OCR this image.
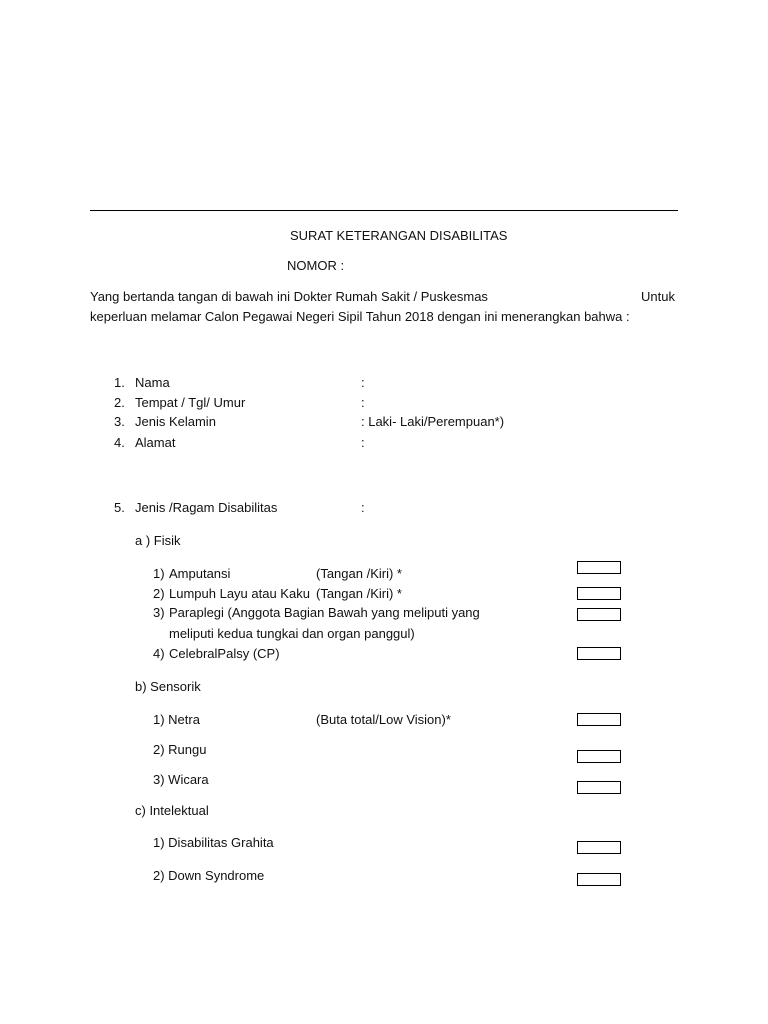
SURAT KETERANGAN DISABILITAS
NOMOR :
Yang bertanda tangan di bawah ini Dokter Rumah Sakit / Puskesmas	Untuk
keperluan melamar Calon Pegawai Negeri Sipil Tahun 2018 dengan ini menerangkan bahwa :
1. Nama	:
2. Tempat / Tgl/ Umur	:
3. Jenis Kelamin	: Laki- Laki/Perempuan*)
4. Alamat	:
5. Jenis /Ragam Disabilitas	:
a ) Fisik
1) Amputansi	(Tangan /Kiri) *
2) Lumpuh Layu atau Kaku (Tangan /Kiri) *
3) Paraplegi (Anggota Bagian Bawah yang meliputi yang
meliputi kedua tungkai dan organ panggul)
4) CelebralPalsy (CP)
b) Sensorik
1) Netra	(Buta total/Low Vision)*
2) Rungu
3) Wicara
c) Intelektual
1) Disabilitas Grahita
2) Down Syndrome
